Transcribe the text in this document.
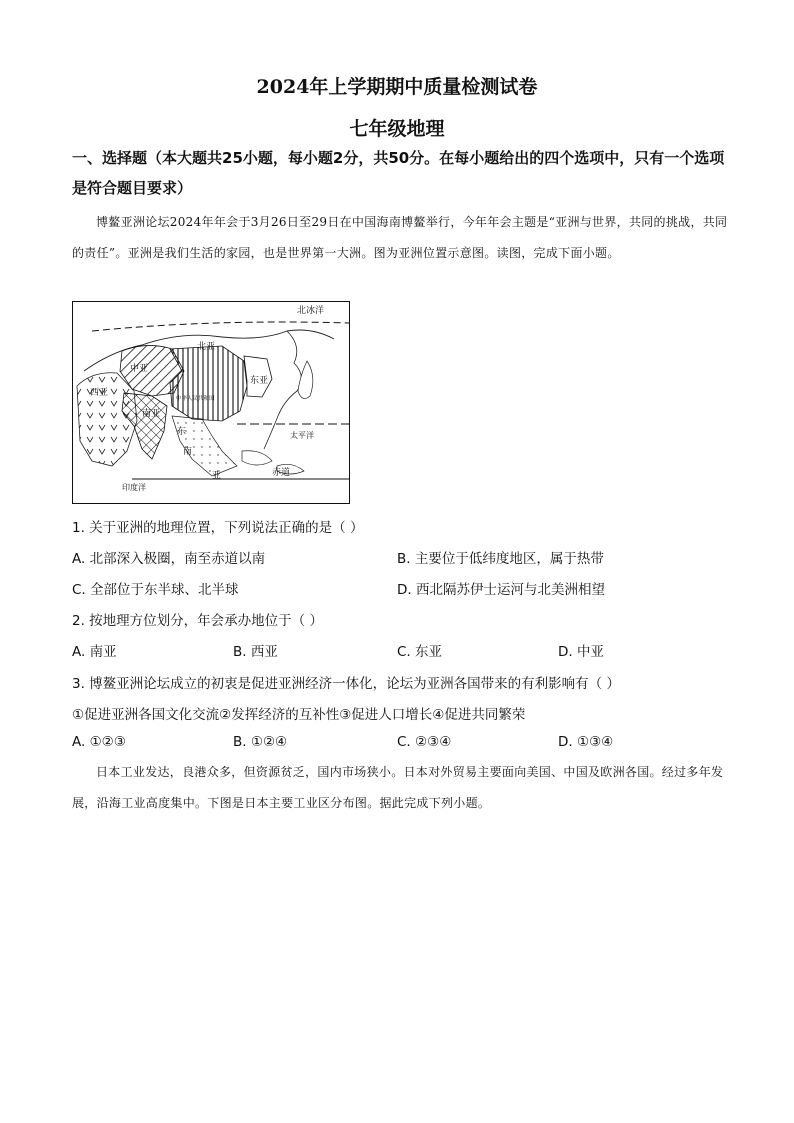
2024年上学期期中质量检测试卷
七年级地理
一、选择题（本大题共25小题，每小题2分，共50分。在每小题给出的四个选项中，只有一个选项是符合题目要求）
博鳌亚洲论坛2024年年会于3月26日至29日在中国海南博鳌举行，今年年会主题是“亚洲与世界，共同的挑战，共同的责任”。亚洲是我们生活的家园，也是世界第一大洲。图为亚洲位置示意图。读图，完成下面小题。
北冰洋
北亚
中亚
东亚
西亚
中华人民共和国
南亚
东
南
亚
太平洋
赤道
印度洋
1. 关于亚洲的地理位置，下列说法正确的是（ ）
A. 北部深入极圈，南至赤道以南	B. 主要位于低纬度地区，属于热带
C. 全部位于东半球、北半球	D. 西北隔苏伊士运河与北美洲相望
2. 按地理方位划分，年会承办地位于（ ）
A. 南亚	B. 西亚	C. 东亚	D. 中亚
3. 博鳌亚洲论坛成立的初衷是促进亚洲经济一体化，论坛为亚洲各国带来的有利影响有（ ）
①促进亚洲各国文化交流②发挥经济的互补性③促进人口增长④促进共同繁荣
A. ①②③	B. ①②④	C. ②③④	D. ①③④
日本工业发达，良港众多，但资源贫乏，国内市场狭小。日本对外贸易主要面向美国、中国及欧洲各国。经过多年发展，沿海工业高度集中。下图是日本主要工业区分布图。据此完成下列小题。
